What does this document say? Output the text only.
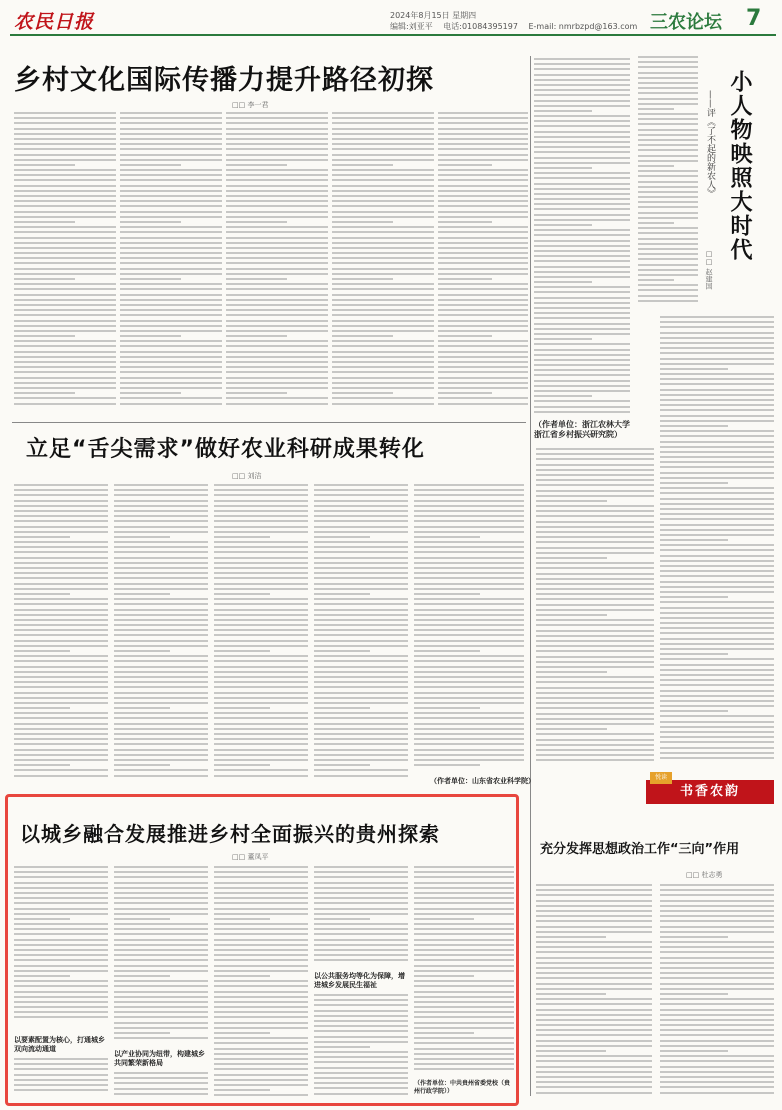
农民日报	2024年8月15日 星期四
编辑:刘亚平 电话:01084395197 E-mail: nmrbzpd@163.com 三农论坛 7
乡村文化国际传播力提升路径初探
□□ 李一君
（作者单位：浙江农林大学浙江省乡村振兴研究院）
小人物映照大时代
——评《了不起的新农人》
□□ 赵建国
立足“舌尖需求”做好农业科研成果转化
□□ 刘洁
（作者单位：山东省农业科学院）
书香农韵
悦读
以城乡融合发展推进乡村全面振兴的贵州探索
□□ 董凤平
以要素配置为核心，打通城乡双向流动通道
以产业协同为纽带，构建城乡共同繁荣新格局
以公共服务均等化为保障，增进城乡发展民生福祉
（作者单位：中共贵州省委党校（贵州行政学院））
充分发挥思想政治工作“三向”作用
□□ 杜志勇
